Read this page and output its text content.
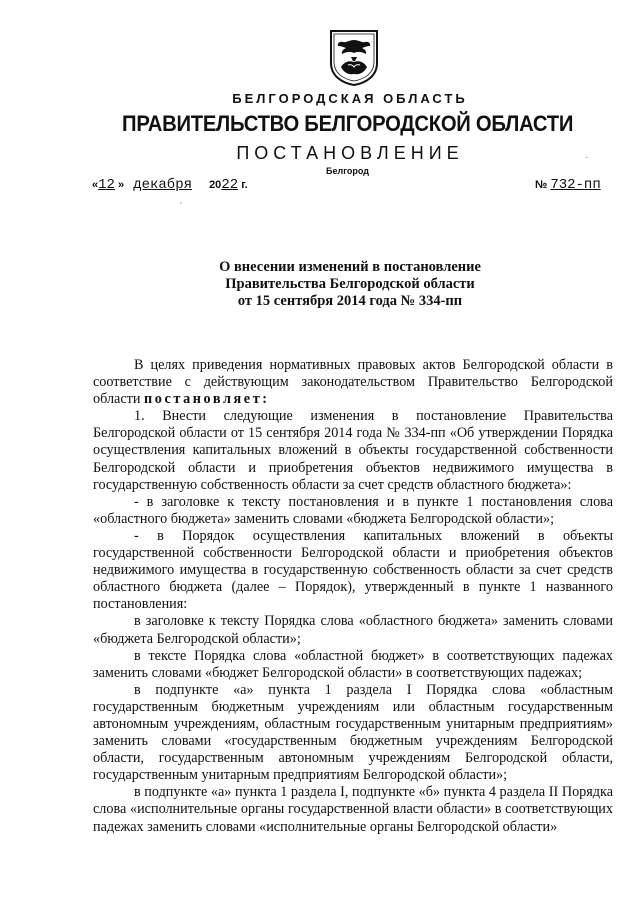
БЕЛГОРОДСКАЯ ОБЛАСТЬ
ПРАВИТЕЛЬСТВО БЕЛГОРОДСКОЙ ОБЛАСТИ
ПОСТАНОВЛЕНИЕ
Белгород
«12 » декабря 2022 г.	№ 732-пп
·
'
О внесении изменений в постановление
Правительства Белгородской области
от 15 сентября 2014 года № 334-пп

В целях приведения нормативных правовых актов Белгородской области в соответствие с действующим законодательством Правительство Белгородской области постановляет:

1. Внести следующие изменения в постановление Правительства Белгородской области от 15 сентября 2014 года № 334-пп «Об утверждении Порядка осуществления капитальных вложений в объекты государственной собственности Белгородской области и приобретения объектов недвижимого имущества в государственную собственность области за счет средств областного бюджета»:

- в заголовке к тексту постановления и в пункте 1 постановления слова «областного бюджета» заменить словами «бюджета Белгородской области»;

- в Порядок осуществления капитальных вложений в объекты государственной собственности Белгородской области и приобретения объектов недвижимого имущества в государственную собственность области за счет средств областного бюджета (далее – Порядок), утвержденный в пункте 1 названного постановления:

в заголовке к тексту Порядка слова «областного бюджета» заменить словами «бюджета Белгородской области»;

в тексте Порядка слова «областной бюджет» в соответствующих падежах заменить словами «бюджет Белгородской области» в соответствующих падежах;

в подпункте «а» пункта 1 раздела I Порядка слова «областным государственным бюджетным учреждениям или областным государственным автономным учреждениям, областным государственным унитарным предприятиям» заменить словами «государственным бюджетным учреждениям Белгородской области, государственным автономным учреждениям Белгородской области, государственным унитарным предприятиям Белгородской области»;

в подпункте «а» пункта 1 раздела I, подпункте «б» пункта 4 раздела II Порядка слова «исполнительные органы государственной власти области» в соответствующих падежах заменить словами «исполнительные органы Белгородской области»
